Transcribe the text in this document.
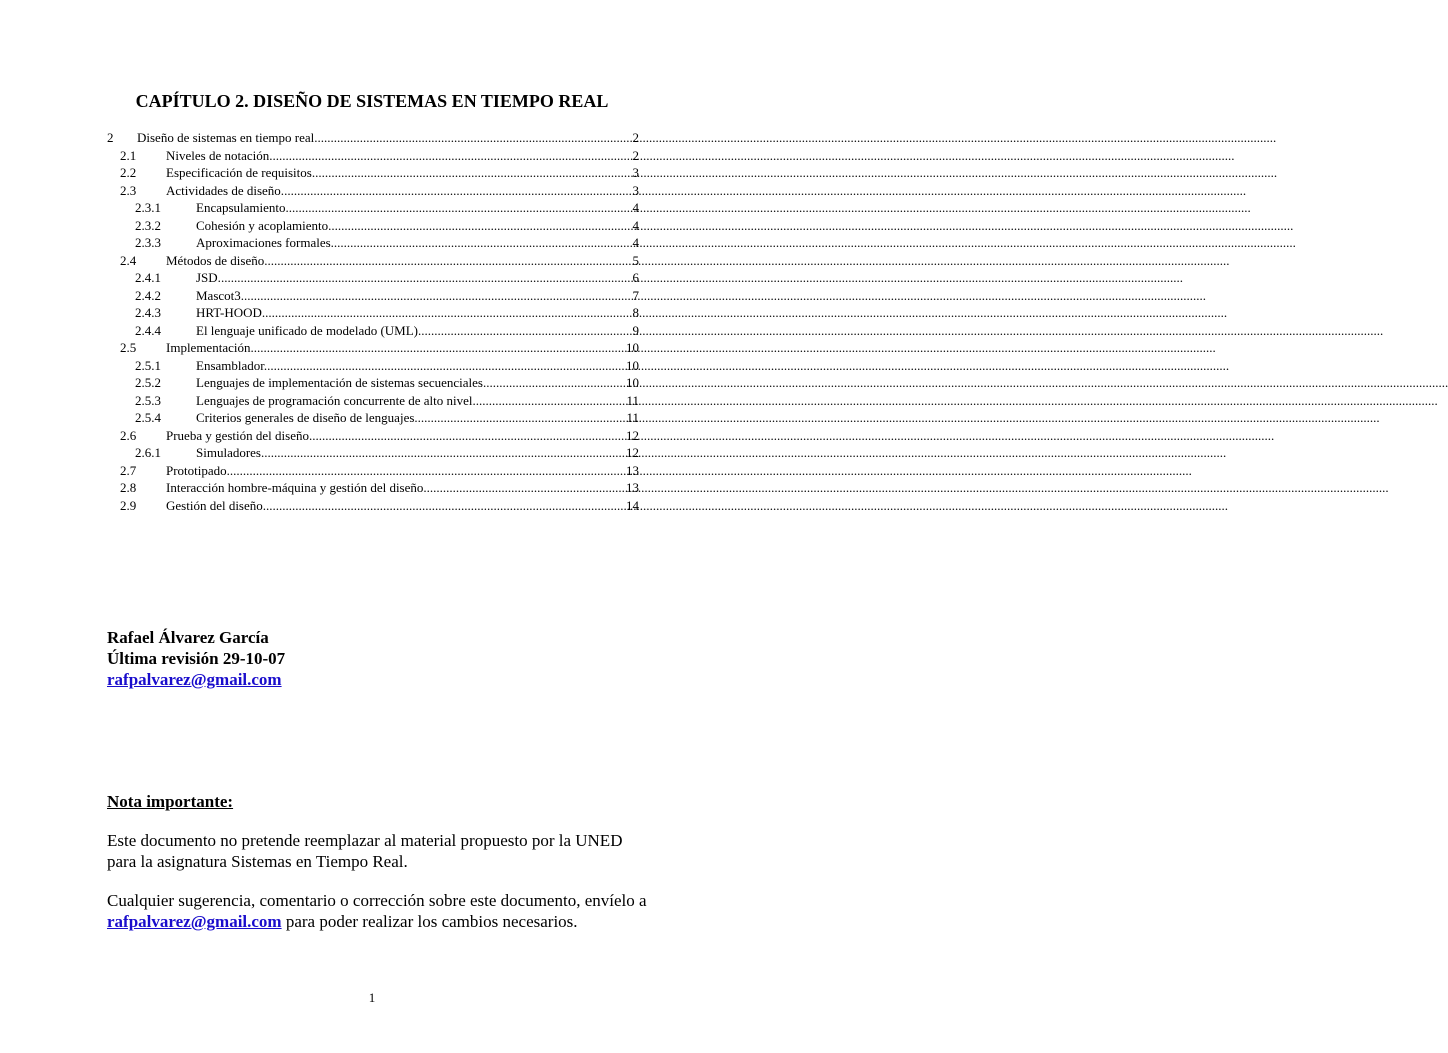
CAPÍTULO 2. DISEÑO DE SISTEMAS EN TIEMPO REAL
2	Diseño de sistemas en tiempo real .....	2
2.1	Niveles de notación. .....	2
2.2	Especificación de requisitos. .....	3
2.3	Actividades de diseño. .....	3
2.3.1	Encapsulamiento. .....	4
2.3.2	Cohesión y acoplamiento. .....	4
2.3.3	Aproximaciones formales. .....	4
2.4	Métodos de diseño. .....	5
2.4.1	JSD. .....	6
2.4.2	Mascot3. .....	7
2.4.3	HRT-HOOD. .....	8
2.4.4	El lenguaje unificado de modelado (UML). .....	9
2.5	Implementación. .....	10
2.5.1	Ensamblador. .....	10
2.5.2	Lenguajes de implementación de sistemas secuenciales. .....	10
2.5.3	Lenguajes de programación concurrente de alto nivel. .....	11
2.5.4	Criterios generales de diseño de lenguajes. .....	11
2.6	Prueba y gestión del diseño. .....	12
2.6.1	Simuladores. .....	12
2.7	Prototipado. .....	13
2.8	Interacción hombre-máquina y gestión del diseño. .....	13
2.9	Gestión del diseño. .....	14
Rafael Álvarez García
Última revisión 29-10-07
rafpalvarez@gmail.com
Nota importante:
Este documento no pretende reemplazar al material propuesto por la UNED para la asignatura Sistemas en Tiempo Real.
Cualquier sugerencia, comentario o corrección sobre este documento, envíelo a rafpalvarez@gmail.com para poder realizar los cambios necesarios.
1
